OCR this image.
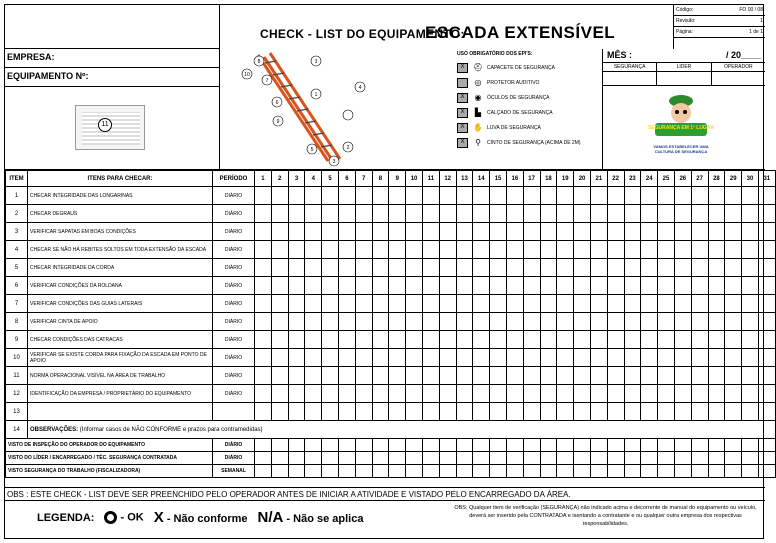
EMPRESA:
EQUIPAMENTO Nº:
11
CHECK - LIST DO EQUIPAMENTO:
ESCADA EXTENSÍVEL
Código:	FO 00 / 08
Revisão:	1
Página:	1 de 1
8	3
10
7
4
6
1
9
5	2
3
USO OBRIGATÓRIO DOS EPI'S:
X	⛑ CAPACETE DE SEGURANÇA
◎	PROTETOR AUDITIVO
X	◉	ÓCULOS DE SEGURANÇA
X	▙	CALÇADO DE SEGURANÇA
X	✋ LUVA DE SEGURANÇA
X	⚲	CINTO DE SEGURANÇA (ACIMA DE 2M)
MÊS :	/ 20____
SEGURANÇA	LIDER	OPERADOR
SEGURANÇA EM 1º LUGAR
VAMOS ESTABELECER UMA CULTURA DE SEGURANÇA
ITEM	ITENS PARA CHECAR:	PERÍODO	1	2	3	4	5	6	7	8	9	10	11	12	13	14	15	16	17	18	19	20	21	22	23	24	25	26	27	28	29	30	31
1	CHECAR INTEGRIDADE DAS LONGARINAS	DIÁRIO																															
2	CHECAR DEGRAUS	DIÁRIO																															
3	VERIFICAR SAPATAS EM BOAS CONDIÇÕES	DIÁRIO																															
4	CHECAR SE NÃO HÁ REBITES SOLTOS EM TODA EXTENSÃO DA ESCADA	DIÁRIO																															
5	CHECAR INTEGRIDADE DA CORDA	DIÁRIO																															
6	VERIFICAR CONDIÇÕES DA ROLDANA	DIÁRIO																															
7	VERIFICAR CONDIÇÕES DAS GUIAS LATERAIS	DIÁRIO																															
8	VERIFICAR CINTA DE APOIO	DIÁRIO																															
9	CHECAR CONDIÇÕES DAS CATRACAS	DIÁRIO																															
10	VERIFICAR SE EXISTE CORDA PARA FIXAÇÃO DA ESCADA EM PONTO DE APOIO	DIÁRIO																															
11	NORMA OPERACIONAL VISÍVEL NA ÁREA DE TRABALHO	DIÁRIO																															
12	IDENTIFICAÇÃO DA EMPRESA / PROPRIETÁRIO DO EQUIPAMENTO	DIÁRIO																															
13																																	
14	OBSERVAÇÕES: (Informar casos de NÃO CONFORME e prazos para contramedidas)																																
VISTO DE INSPEÇÃO DO OPERADOR DO EQUIPAMENTO		DIÁRIO																															
VISTO DO LÍDER / ENCARREGADO / TÉC. SEGURANÇA CONTRATADA		DIÁRIO																															
VISTO SEGURANÇA DO TRABALHO (FISCALIZADORA)		SEMANAL																															
OBS : ESTE CHECK - LIST DEVE SER PREENCHIDO PELO OPERADOR ANTES DE INICIAR A ATIVIDADE E VISTADO PELO ENCARREGADO DA ÁREA.
LEGENDA:	- OK X - Não conforme N/A - Não se aplica
OBS: Qualquer item de verificação (SEGURANÇA) não indicado acima e decorrente de manual do equipamento ou veículo, deverá ser inserido pela CONTRATADA e isentando a contratante e ou qualquer outra empresa dos respectivas responsabilidades.
